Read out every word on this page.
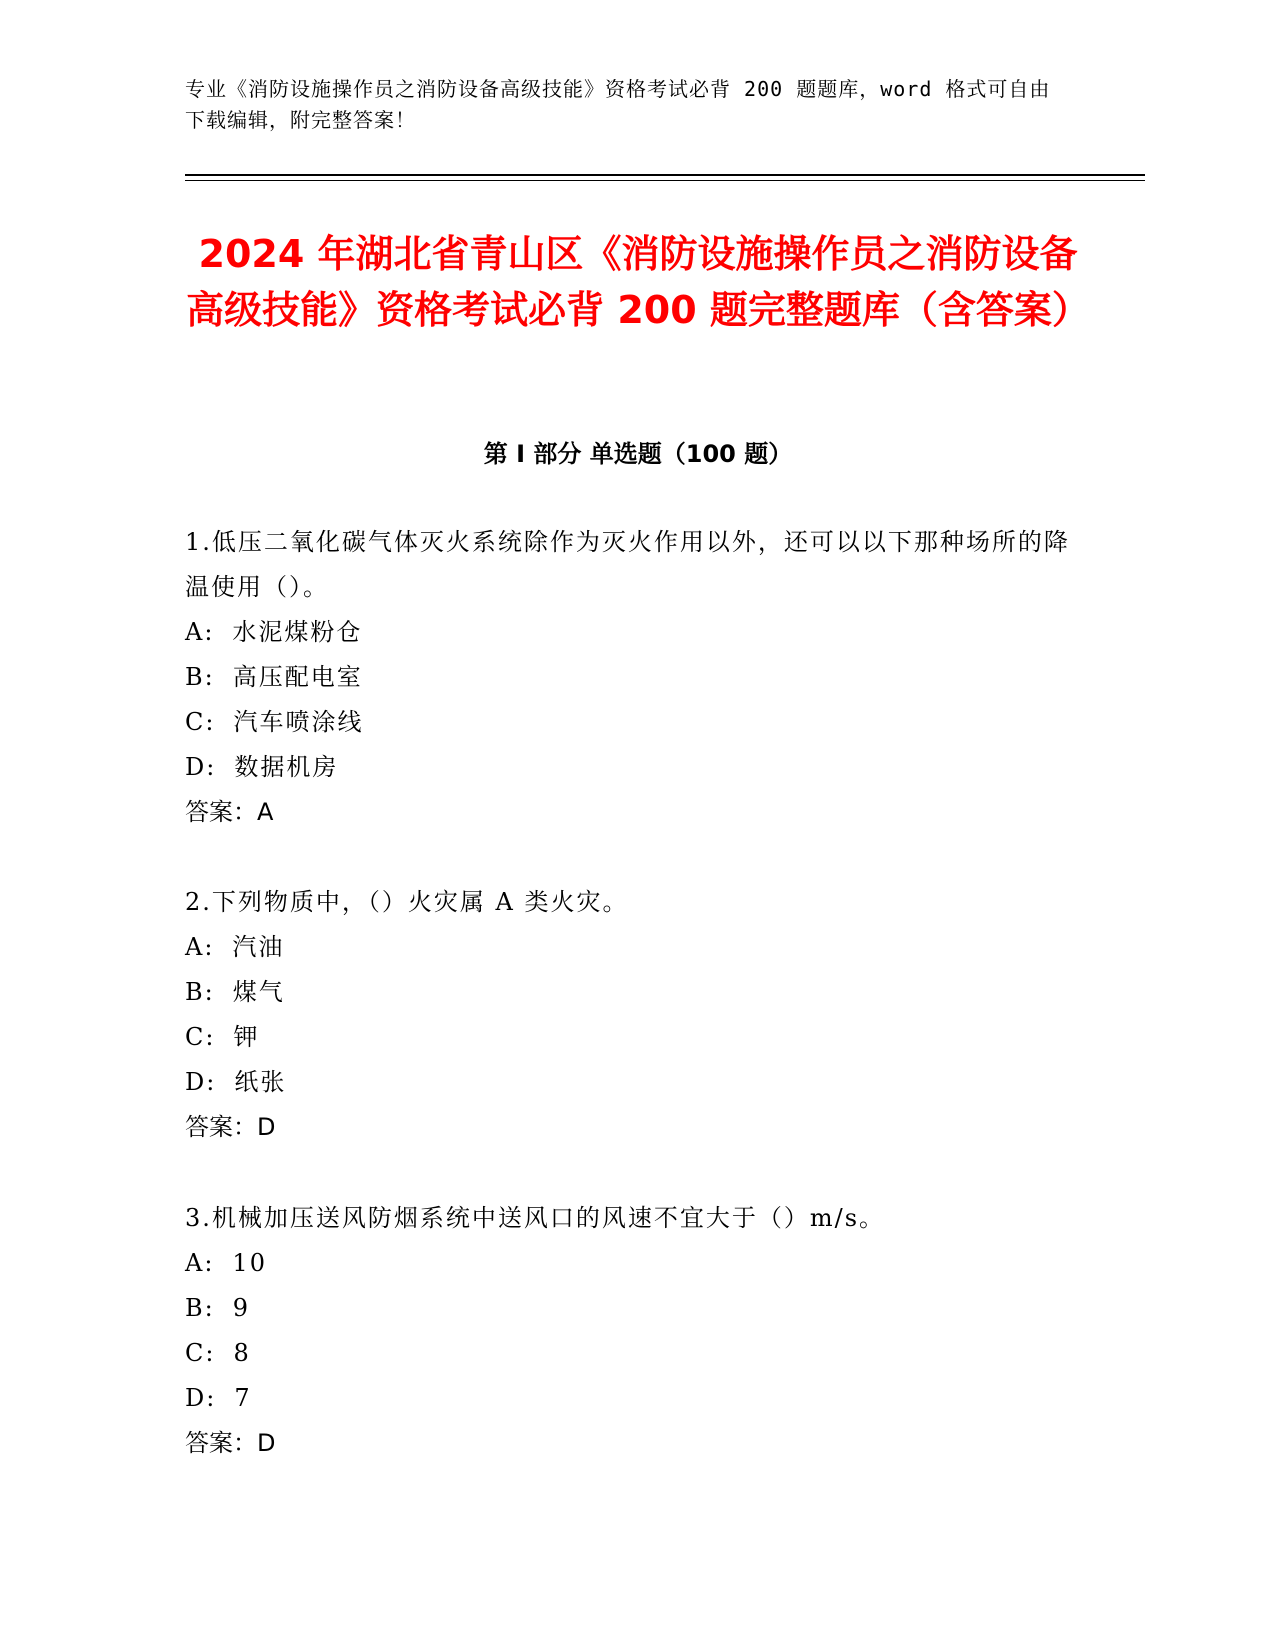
专业《消防设施操作员之消防设备高级技能》资格考试必背 200 题题库，word 格式可自由下载编辑，附完整答案！
2024 年湖北省青山区《消防设施操作员之消防设备高级技能》资格考试必背 200 题完整题库（含答案）
第 I 部分 单选题（100 题）

1.低压二氧化碳气体灭火系统除作为灭火作用以外，还可以以下那种场所的降温使用（）。

A: 水泥煤粉仓

B: 高压配电室

C: 汽车喷涂线

D: 数据机房

答案：A

2.下列物质中，（）火灾属 A 类火灾。

A: 汽油

B: 煤气

C: 钾

D: 纸张

答案：D

3.机械加压送风防烟系统中送风口的风速不宜大于（）m/s。

A: 10

B: 9

C: 8

D: 7

答案：D
